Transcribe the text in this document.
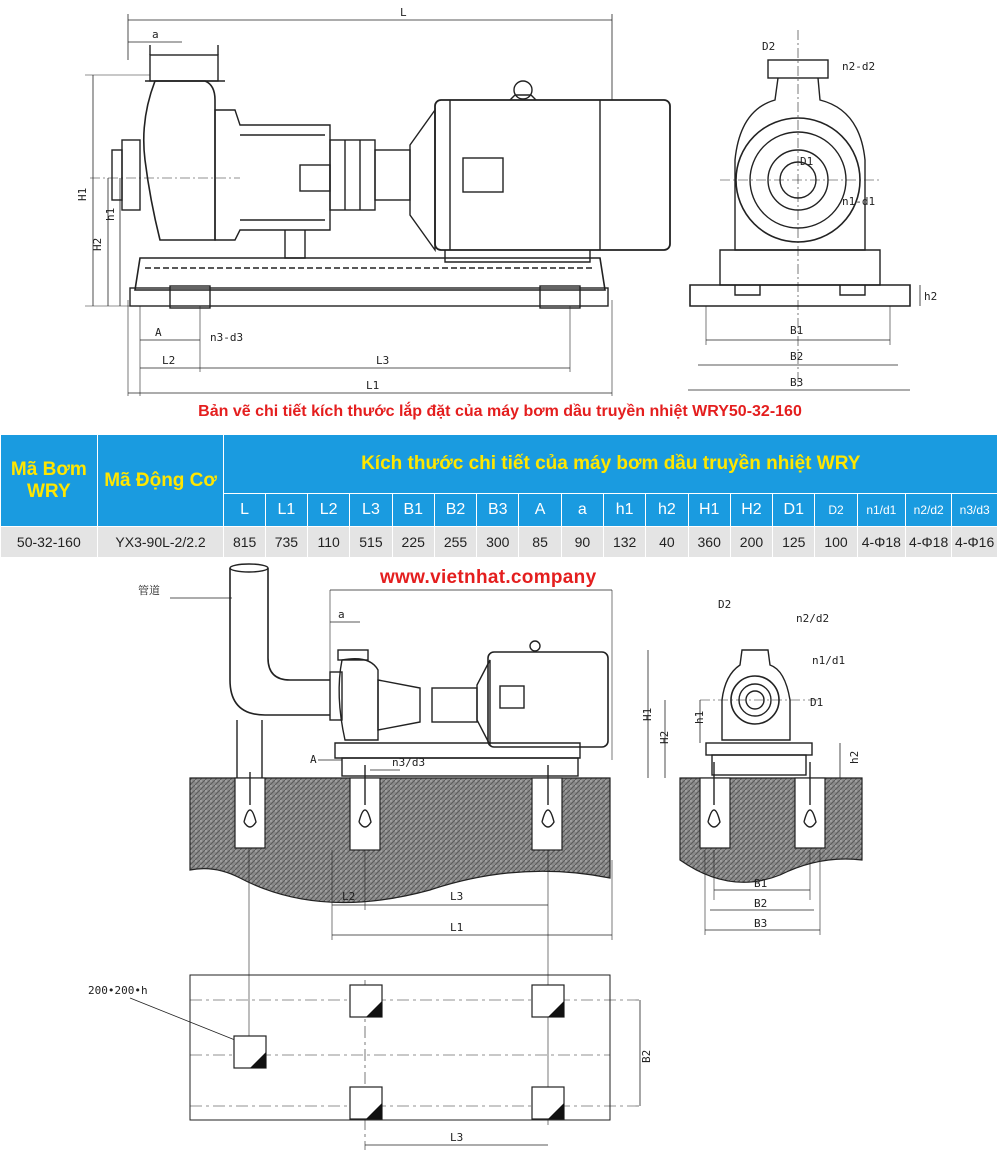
L
a
H1
H2
h1
A	n3-d3
L2	L3
L1
D2
n2-d2
D1
n1-d1
h2
B1
B2
B3
Bản vẽ chi tiết kích thước lắp đặt của máy bơm dầu truyền nhiệt WRY50-32-160
Mã Bơm WRY	Mã Động Cơ	Kích thước chi tiết của máy bơm dầu truyền nhiệt WRY																	
		L	L1	L2	L3	B1	B2	B3	A	a	h1	h2	H1	H2	D1	D2	n1/d1	n2/d2	n3/d3
50-32-160	YX3-90L-2/2.2	815	735	110	515	225	255	300	85	90	132	40	360	200	125	100	4-Φ18	4-Φ18	4-Φ16
www.vietnhat.company
管道
a
A	n3/d3
L2	L3
L1
200•200•h
B2
L3
D2
n2/d2
n1/d1
D1
H1
H2
h1
h2
B1
B2
B3
